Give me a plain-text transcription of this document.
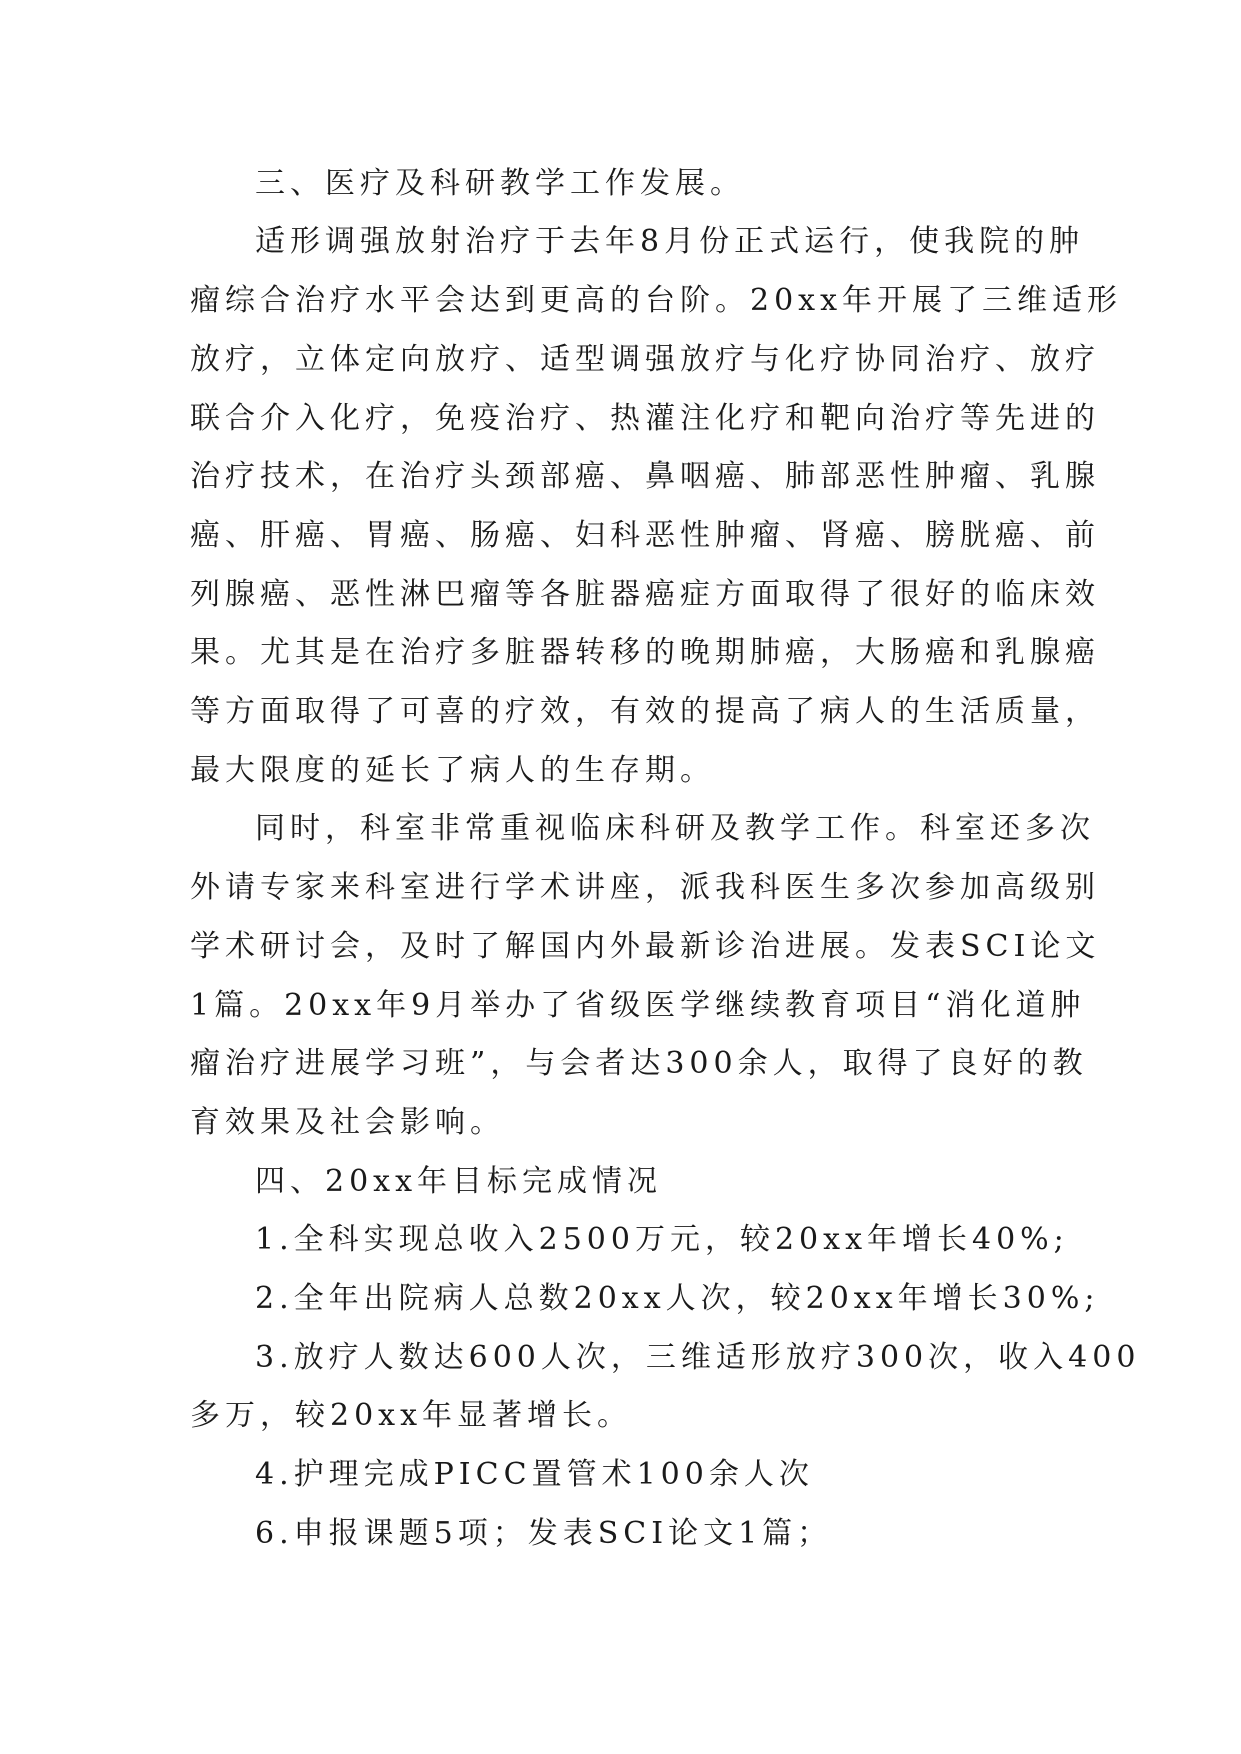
三、医疗及科研教学工作发展。

适形调强放射治疗于去年8月份正式运行，使我院的肿

瘤综合治疗水平会达到更高的台阶。20xx年开展了三维适形

放疗，立体定向放疗、适型调强放疗与化疗协同治疗、放疗

联合介入化疗，免疫治疗、热灌注化疗和靶向治疗等先进的

治疗技术，在治疗头颈部癌、鼻咽癌、肺部恶性肿瘤、乳腺

癌、肝癌、胃癌、肠癌、妇科恶性肿瘤、肾癌、膀胱癌、前

列腺癌、恶性淋巴瘤等各脏器癌症方面取得了很好的临床效

果。尤其是在治疗多脏器转移的晚期肺癌，大肠癌和乳腺癌

等方面取得了可喜的疗效，有效的提高了病人的生活质量，

最大限度的延长了病人的生存期。

同时，科室非常重视临床科研及教学工作。科室还多次

外请专家来科室进行学术讲座，派我科医生多次参加高级别

学术研讨会，及时了解国内外最新诊治进展。发表SCI论文

1篇。20xx年9月举办了省级医学继续教育项目“消化道肿

瘤治疗进展学习班”，与会者达300余人，取得了良好的教

育效果及社会影响。

四、20xx年目标完成情况

1.全科实现总收入2500万元，较20xx年增长40%;

2.全年出院病人总数20xx人次，较20xx年增长30%;

3.放疗人数达600人次，三维适形放疗300次，收入400

多万，较20xx年显著增长。

4.护理完成PICC置管术100余人次

6.申报课题5项；发表SCI论文1篇；
